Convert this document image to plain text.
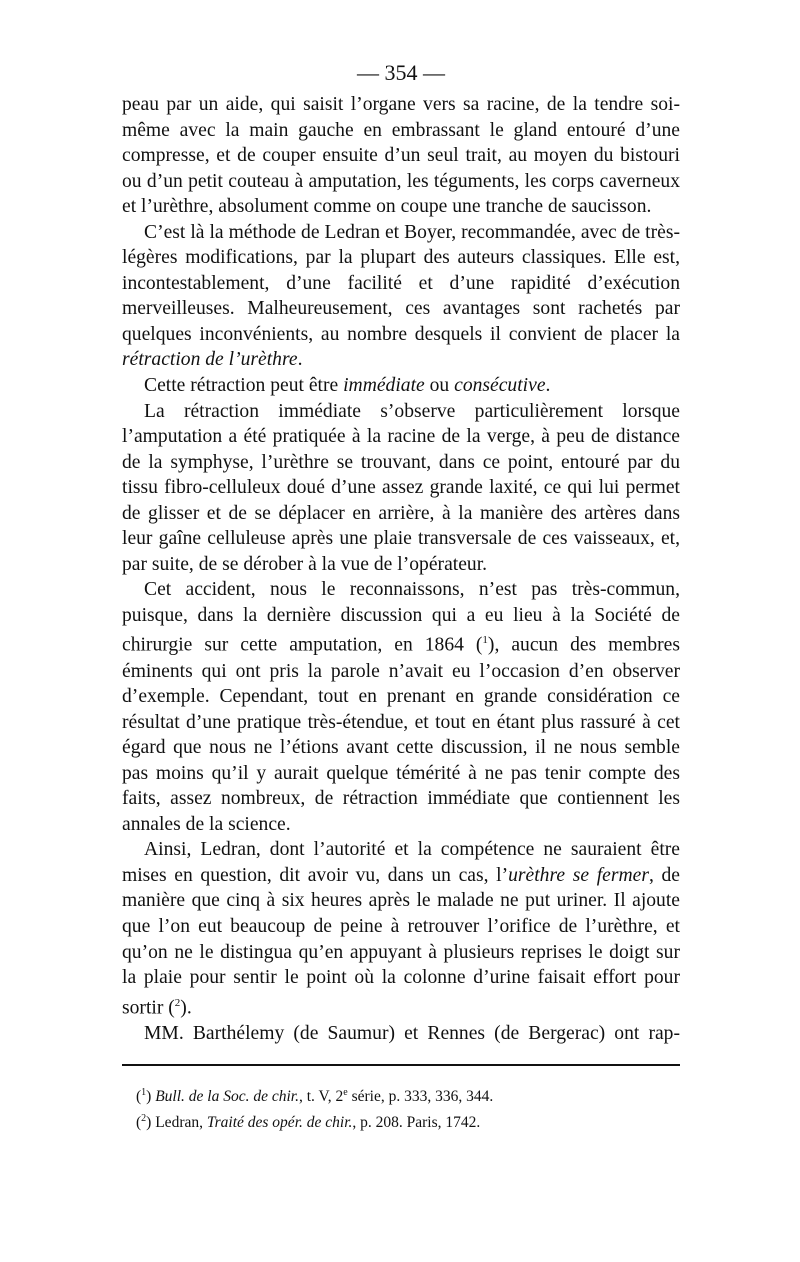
— 354 —

peau par un aide, qui saisit l’organe vers sa racine, de la tendre soi-même avec la main gauche en embrassant le gland entouré d’une compresse, et de couper ensuite d’un seul trait, au moyen du bistouri ou d’un petit couteau à amputation, les téguments, les corps caverneux et l’urèthre, absolument comme on coupe une tranche de saucisson.

C’est là la méthode de Ledran et Boyer, recommandée, avec de très-légères modifications, par la plupart des auteurs classiques. Elle est, incontestablement, d’une facilité et d’une rapidité d’exécution merveilleuses. Malheureusement, ces avantages sont rachetés par quelques inconvénients, au nombre desquels il convient de placer la rétraction de l’urèthre.

Cette rétraction peut être immédiate ou consécutive.

La rétraction immédiate s’observe particulièrement lorsque l’amputation a été pratiquée à la racine de la verge, à peu de distance de la symphyse, l’urèthre se trouvant, dans ce point, entouré par du tissu fibro-celluleux doué d’une assez grande laxité, ce qui lui permet de glisser et de se déplacer en arrière, à la manière des artères dans leur gaîne celluleuse après une plaie transversale de ces vaisseaux, et, par suite, de se dérober à la vue de l’opérateur.

Cet accident, nous le reconnaissons, n’est pas très-commun, puisque, dans la dernière discussion qui a eu lieu à la Société de chirurgie sur cette amputation, en 1864 ($^1$), aucun des membres éminents qui ont pris la parole n’avait eu l’occasion d’en observer d’exemple. Cependant, tout en prenant en grande considération ce résultat d’une pratique très-étendue, et tout en étant plus rassuré à cet égard que nous ne l’étions avant cette discussion, il ne nous semble pas moins qu’il y aurait quelque témérité à ne pas tenir compte des faits, assez nombreux, de rétraction immédiate que contiennent les annales de la science.

Ainsi, Ledran, dont l’autorité et la compétence ne sauraient être mises en question, dit avoir vu, dans un cas, l’urèthre se fermer, de manière que cinq à six heures après le malade ne put uriner. Il ajoute que l’on eut beaucoup de peine à retrouver l’orifice de l’urèthre, et qu’on ne le distingua qu’en appuyant à plusieurs reprises le doigt sur la plaie pour sentir le point où la colonne d’urine faisait effort pour sortir ($^2$).

MM. Barthélemy (de Saumur) et Rennes (de Bergerac) ont rap-

($^1$) Bull. de la Soc. de chir., t. V, 2e série, p. 333, 336, 344.

($^2$) Ledran, Traité des opér. de chir., p. 208. Paris, 1742.
